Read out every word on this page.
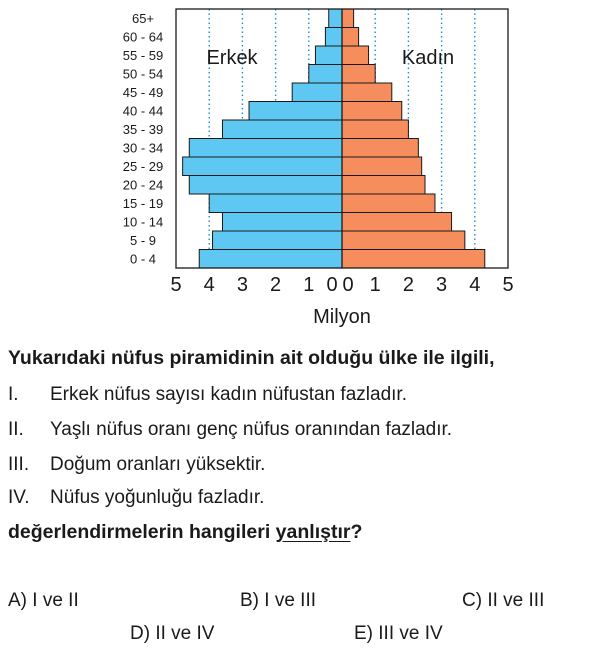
0 - 4
5 - 9
10 - 14
15 - 19
20 - 24
25 - 29
30 - 34
35 - 39
40 - 44
45 - 49
50 - 54
55 - 59
60 - 64
65+
5 4 3 2 1 0 0 1 2 3 4 5
Erkek	Kadın
Milyon
Yukarıdaki nüfus piramidinin ait olduğu ülke ile ilgili,
I.	Erkek nüfus sayısı kadın nüfustan fazladır.
II.	Yaşlı nüfus oranı genç nüfus oranından fazladır.
III.	Doğum oranları yüksektir.
IV.	Nüfus yoğunluğu fazladır.
değerlendirmelerin hangileri yanlıştır?
A) I ve II	B) I ve III	C) II ve III
D) II ve IV	E) III ve IV
